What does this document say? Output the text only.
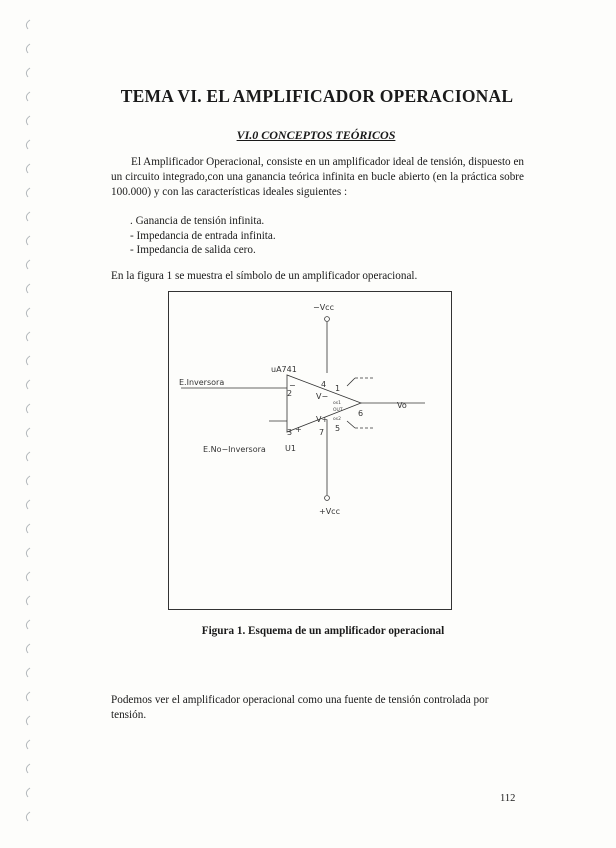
TEMA VI. EL AMPLIFICADOR OPERACIONAL
VI.0 CONCEPTOS TEÓRICOS

El Amplificador Operacional, consiste en un amplificador ideal de tensión, dispuesto en un circuito integrado,con una ganancia teórica infinita en bucle abierto (en la práctica sobre 100.000) y con las características ideales siguientes :

. Ganancia de tensión infinita.
- Impedancia de entrada infinita.
- Impedancia de salida cero.

En la figura 1 se muestra el símbolo de un amplificador operacional.

−Vcc
uA741
E.Inversora	4 1
2
−
V−
os1
OUT
Vo
6
V+ os2
5
3 + 7
E.No−Inversora U1
+Vcc
Figura 1. Esquema de un amplificador operacional

Podemos ver el amplificador operacional como una fuente de tensión controlada por tensión.

112
